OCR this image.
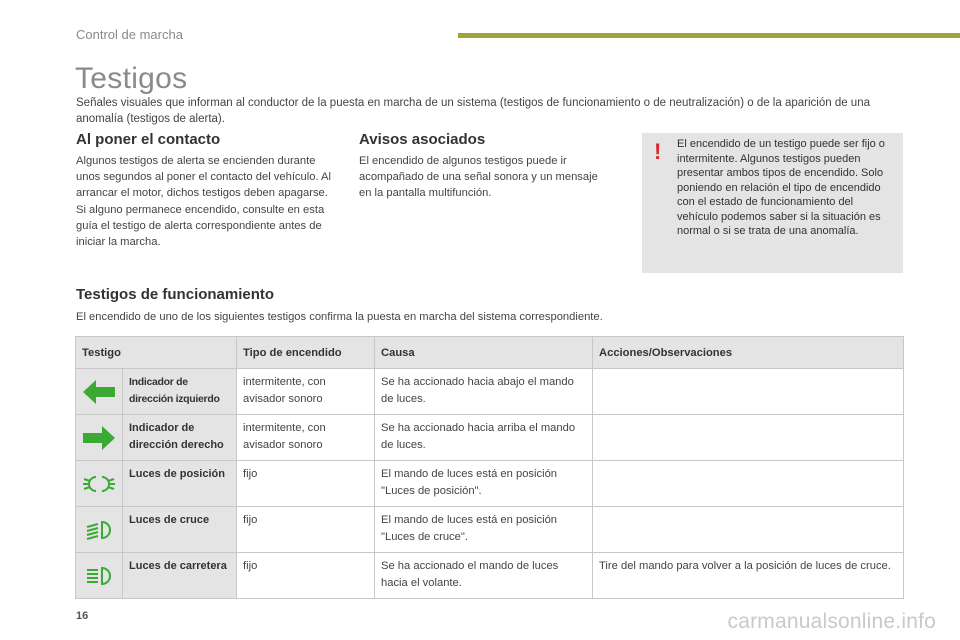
Control de marcha
Testigos

Señales visuales que informan al conductor de la puesta en marcha de un sistema (testigos de funcionamiento o de neutralización) o de la aparición de una anomalía (testigos de alerta).

Al poner el contacto

Algunos testigos de alerta se encienden durante unos segundos al poner el contacto del vehículo. Al arrancar el motor, dichos testigos deben apagarse. Si alguno permanece encendido, consulte en esta guía el testigo de alerta correspondiente antes de iniciar la marcha.

Avisos asociados

El encendido de algunos testigos puede ir acompañado de una señal sonora y un mensaje en la pantalla multifunción.

! El encendido de un testigo puede ser fijo o intermitente. Algunos testigos pueden presentar ambos tipos de encendido. Solo poniendo en relación el tipo de encendido con el estado de funcionamiento del vehículo podemos saber si la situación es normal o si se trata de una anomalía.

Testigos de funcionamiento

El encendido de uno de los siguientes testigos confirma la puesta en marcha del sistema correspondiente.

Testigo		Tipo de encendido	Causa	Acciones/Observaciones

	Indicador de dirección izquierdo	intermitente, con avisador sonoro	Se ha accionado hacia abajo el mando de luces.	

	Indicador de dirección derecho	intermitente, con avisador sonoro	Se ha accionado hacia arriba el mando de luces.	

	Luces de posición	fijo	El mando de luces está en posición "Luces de posición".	

	Luces de cruce	fijo	El mando de luces está en posición "Luces de cruce".	

	Luces de carretera	fijo	Se ha accionado el mando de luces hacia el volante.	Tire del mando para volver a la posición de luces de cruce.
16	carmanualsonline.info
